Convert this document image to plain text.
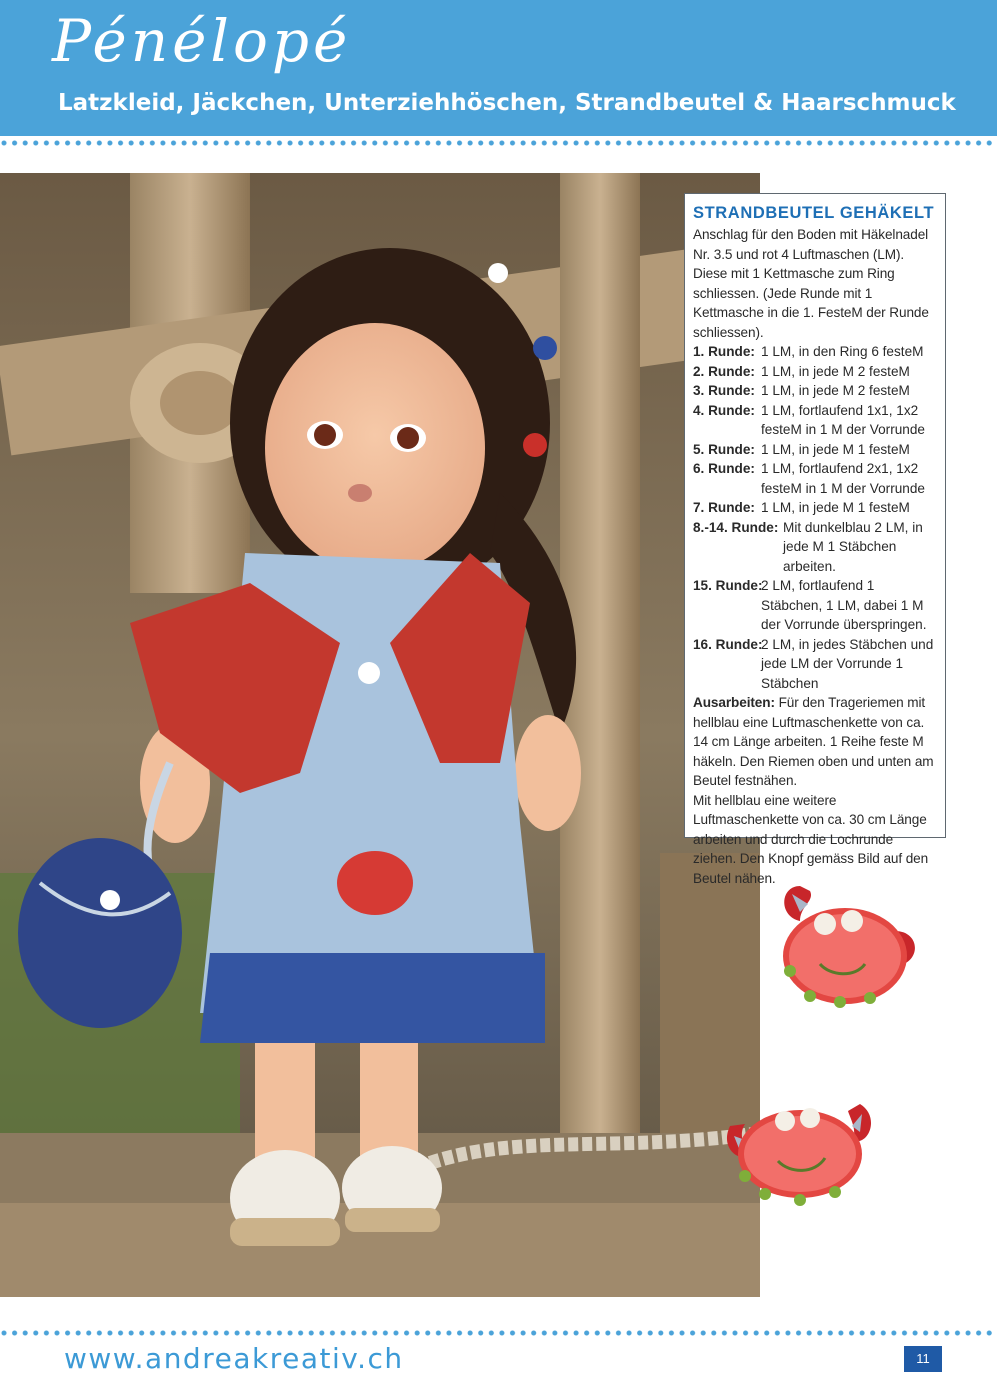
Pénélopé
Latzkleid, Jäckchen, Unterziehhöschen, Strandbeutel & Haarschmuck
STRANDBEUTEL GEHÄKELT

Anschlag für den Boden mit Häkelnadel Nr. 3.5 und rot 4 Luftmaschen (LM). Diese mit 1 Kettmasche zum Ring schliessen. (Jede Runde mit 1 Kettmasche in die 1. FesteM der Runde schliessen).

1. Runde: 1 LM, in den Ring 6 festeM
2. Runde: 1 LM, in jede M 2 festeM
3. Runde: 1 LM, in jede M 2 festeM
4. Runde: 1 LM, fortlaufend 1x1, 1x2 festeM in 1 M der Vorrunde
5. Runde: 1 LM, in jede M 1 festeM
6. Runde: 1 LM, fortlaufend 2x1, 1x2 festeM in 1 M der Vorrunde
7. Runde: 1 LM, in jede M 1 festeM
8.-14. Runde: Mit dunkelblau 2 LM, in jede M 1 Stäbchen arbeiten.
15. Runde:
2 LM, fortlaufend 1 Stäbchen, 1 LM, dabei 1 M der Vorrunde überspringen.
16. Runde:
2 LM, in jedes Stäbchen und jede LM der Vorrunde 1 Stäbchen

Ausarbeiten: Für den Trageriemen mit hellblau eine Luftmaschenkette von ca. 14 cm Länge arbeiten. 1 Reihe feste M häkeln. Den Riemen oben und unten am Beutel festnähen.

Mit hellblau eine weitere Luftmaschenkette von ca. 30 cm Länge arbeiten und durch die Lochrunde ziehen. Den Knopf gemäss Bild auf den Beutel nähen.

www.andreakreativ.ch	11
